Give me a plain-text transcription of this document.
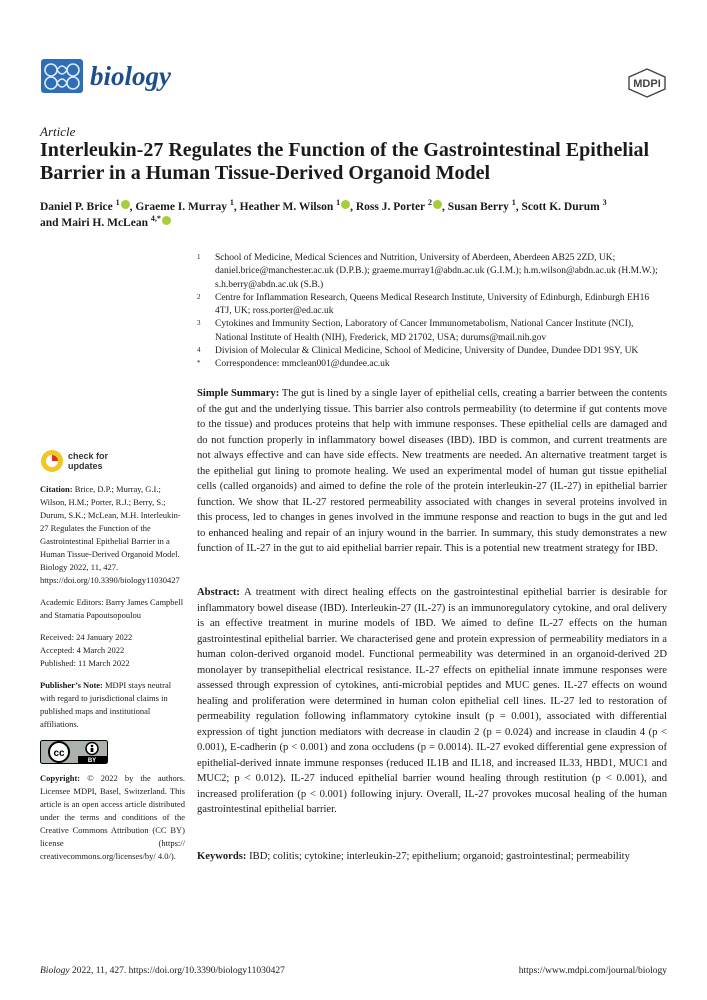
biology	MDPI
Article
Interleukin-27 Regulates the Function of the Gastrointestinal Epithelial Barrier in a Human Tissue-Derived Organoid Model
Daniel P. Brice $^1$ , Graeme I. Murray $^1$, Heather M. Wilson $^1$ , Ross J. Porter $^2$ , Susan Berry $^1$, Scott K. Durum $^3$
and Mairi H. McLean $^{4,*}$
1 School of Medicine, Medical Sciences and Nutrition, University of Aberdeen, Aberdeen AB25 2ZD, UK; daniel.brice@manchester.ac.uk (D.P.B.); graeme.murray1@abdn.ac.uk (G.I.M.); h.m.wilson@abdn.ac.uk (H.M.W.); s.h.berry@abdn.ac.uk (S.B.)
2 Centre for Inflammation Research, Queens Medical Research Institute, University of Edinburgh, Edinburgh EH16 4TJ, UK; ross.porter@ed.ac.uk
3 Cytokines and Immunity Section, Laboratory of Cancer Immunometabolism, National Cancer Institute (NCI), National Institute of Health (NIH), Frederick, MD 21702, USA; durums@mail.nih.gov
4 Division of Molecular & Clinical Medicine, School of Medicine, University of Dundee, Dundee DD1 9SY, UK
* Correspondence: mmclean001@dundee.ac.uk
check for
updates
Citation: Brice, D.P.; Murray, G.I.; Wilson, H.M.; Porter, R.J.; Berry, S.; Durum, S.K.; McLean, M.H. Interleukin-27 Regulates the Function of the Gastrointestinal Epithelial Barrier in a Human Tissue-Derived Organoid Model. Biology 2022, 11, 427. https://doi.org/10.3390/biology11030427
Academic Editors: Barry James Campbell and Stamatia Papoutsopoulou
Received: 24 January 2022
Accepted: 4 March 2022
Published: 11 March 2022
Publisher’s Note: MDPI stays neutral with regard to jurisdictional claims in published maps and institutional affiliations.
cc
BY
Copyright: © 2022 by the authors. Licensee MDPI, Basel, Switzerland. This article is an open access article distributed under the terms and conditions of the Creative Commons Attribution (CC BY) license (https:// creativecommons.org/licenses/by/ 4.0/).
Simple Summary: The gut is lined by a single layer of epithelial cells, creating a barrier between the contents of the gut and the underlying tissue. This barrier also controls permeability (to determine if gut contents move to the tissue) and produces proteins that help with immune responses. These epithelial cells are damaged and do not function properly in inflammatory bowel diseases (IBD). IBD is common, and current treatments are not always effective and can have side effects. New treatments are needed. An alternative treatment target is the epithelial gut lining to promote healing. We used an experimental model of human gut tissue epithelial cells (called organoids) and aimed to define the role of the protein interleukin-27 (IL-27) in epithelial barrier function. We show that IL-27 restored permeability associated with changes in several proteins involved in this process, led to changes in genes involved in the immune response and reaction to bugs in the gut and led to enhanced healing and repair of an injury wound in the barrier. In summary, this study demonstrates a new function of IL-27 in the gut to aid epithelial barrier repair. This is a potential new treatment strategy for IBD.
Abstract: A treatment with direct healing effects on the gastrointestinal epithelial barrier is desirable for inflammatory bowel disease (IBD). Interleukin-27 (IL-27) is an immunoregulatory cytokine, and oral delivery is an effective treatment in murine models of IBD. We aimed to define IL-27 effects on the human gastrointestinal epithelial barrier. We characterised gene and protein expression of permeability mediators in a human colon-derived organoid model. Functional permeability was determined in an organoid-derived 2D monolayer by transepithelial electrical resistance. IL-27 effects on epithelial innate immune responses were assessed through expression of cytokines, anti-microbial peptides and MUC genes. IL-27 effects on wound healing and proliferation were determined in human colon epithelial cell lines. IL-27 led to restoration of permeability regulation following inflammatory cytokine insult (p = 0.001), associated with differential expression of tight junction mediators with decrease in claudin 2 (p = 0.024) and increase in claudin 4 (p < 0.001), E-cadherin (p < 0.001) and zona occludens (p = 0.0014). IL-27 evoked differential gene expression of epithelial-derived innate immune responses (reduced IL1B and IL18, and increased IL33, HBD1, MUC1 and MUC2; p < 0.012). IL-27 induced epithelial barrier wound healing through restitution (p < 0.001), and increased proliferation (p < 0.001) following injury. Overall, IL-27 provokes mucosal healing of the human gastrointestinal epithelial barrier.
Keywords: IBD; colitis; cytokine; interleukin-27; epithelium; organoid; gastrointestinal; permeability
Biology 2022, 11, 427. https://doi.org/10.3390/biology11030427	https://www.mdpi.com/journal/biology
